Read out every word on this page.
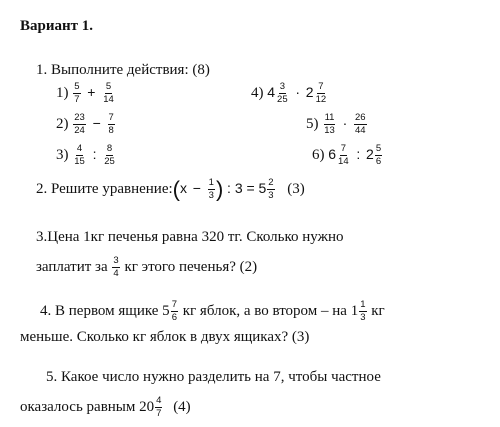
Вариант 1.
1. Выполните действия: (8)
$1) \frac{5}{7} + \frac{5}{14}$	4) $4 \frac{3}{25} \cdot 2 \frac{7}{12}$
$2) \frac{23}{24} - \frac{7}{8}$	$5) \frac{11}{13} \cdot \frac{26}{44}$
$3) \frac{4}{15}$ : $\frac{8}{25}$	6) $6 \frac{7}{14}$ : $2 \frac{5}{6}$
2. Решите уравнение:(x − $\frac{1}{3}$ ) : $3 = 5 \frac{2}{3} (3)$
3.Цена 1кг печенья равна 320 тг. Сколько нужно
заплатит за $\frac{3}{4}$ кг этого печенья? (2)
4. В первом ящике $5 \frac{7}{6}$ кг яблок, а во втором – на $1 \frac{1}{3}$ кг
меньше. Сколько кг яблок в двух ящиках? (3)
5. Какое число нужно разделить на 7, чтобы частное
оказалось равным $20 \frac{4}{7} (4)$
